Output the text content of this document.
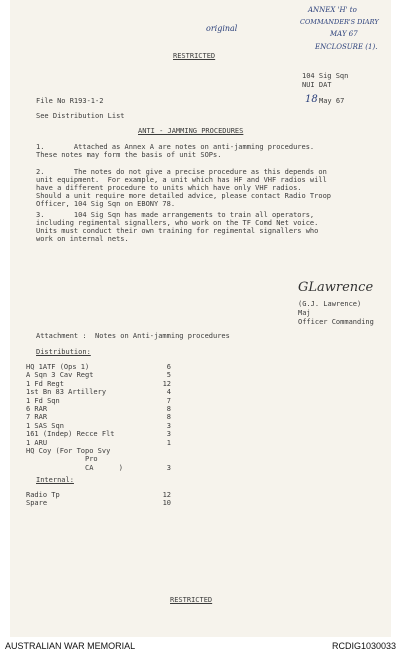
original
ANNEX 'H' to
COMMANDER'S DIARY
MAY 67
ENCLOSURE (1).
RESTRICTED
104 Sig Sqn
NUI DAT
File No R193-1-2	18 May 67
See Distribution List
ANTI - JAMMING PROCEDURES
1.       Attached as Annex A are notes on anti-jamming procedures.
These notes may form the basis of unit SOPs.
2.       The notes do not give a precise procedure as this depends on
unit equipment.  For example, a unit which has HF and VHF radios will
have a different procedure to units which have only VHF radios.
Should a unit require more detailed advice, please contact Radio Troop
Officer, 104 Sig Sqn on EBONY 78.
3.       104 Sig Sqn has made arrangements to train all operators,
including regimental signallers, who work on the TF Comd Net voice.
Units must conduct their own training for regimental signallers who
work on internal nets.
GLawrence
(G.J. Lawrence)
Maj
Officer Commanding
Attachment :  Notes on Anti-jamming procedures
Distribution:
HQ 1ATF (Ops 1)	6
A Sqn 3 Cav Regt	5
1 Fd Regt	12
1st Bn 83 Artillery	4
1 Fd Sqn	7
6 RAR	8
7 RAR	8
1 SAS Sqn	3
161 (Indep) Recce Flt	3
1 ARU	1
HQ Coy (For Topo Svy
Pro
CA      )	3
Internal:
Radio Tp	12
Spare	10
RESTRICTED
AUSTRALIAN WAR MEMORIAL	RCDIG1030033
